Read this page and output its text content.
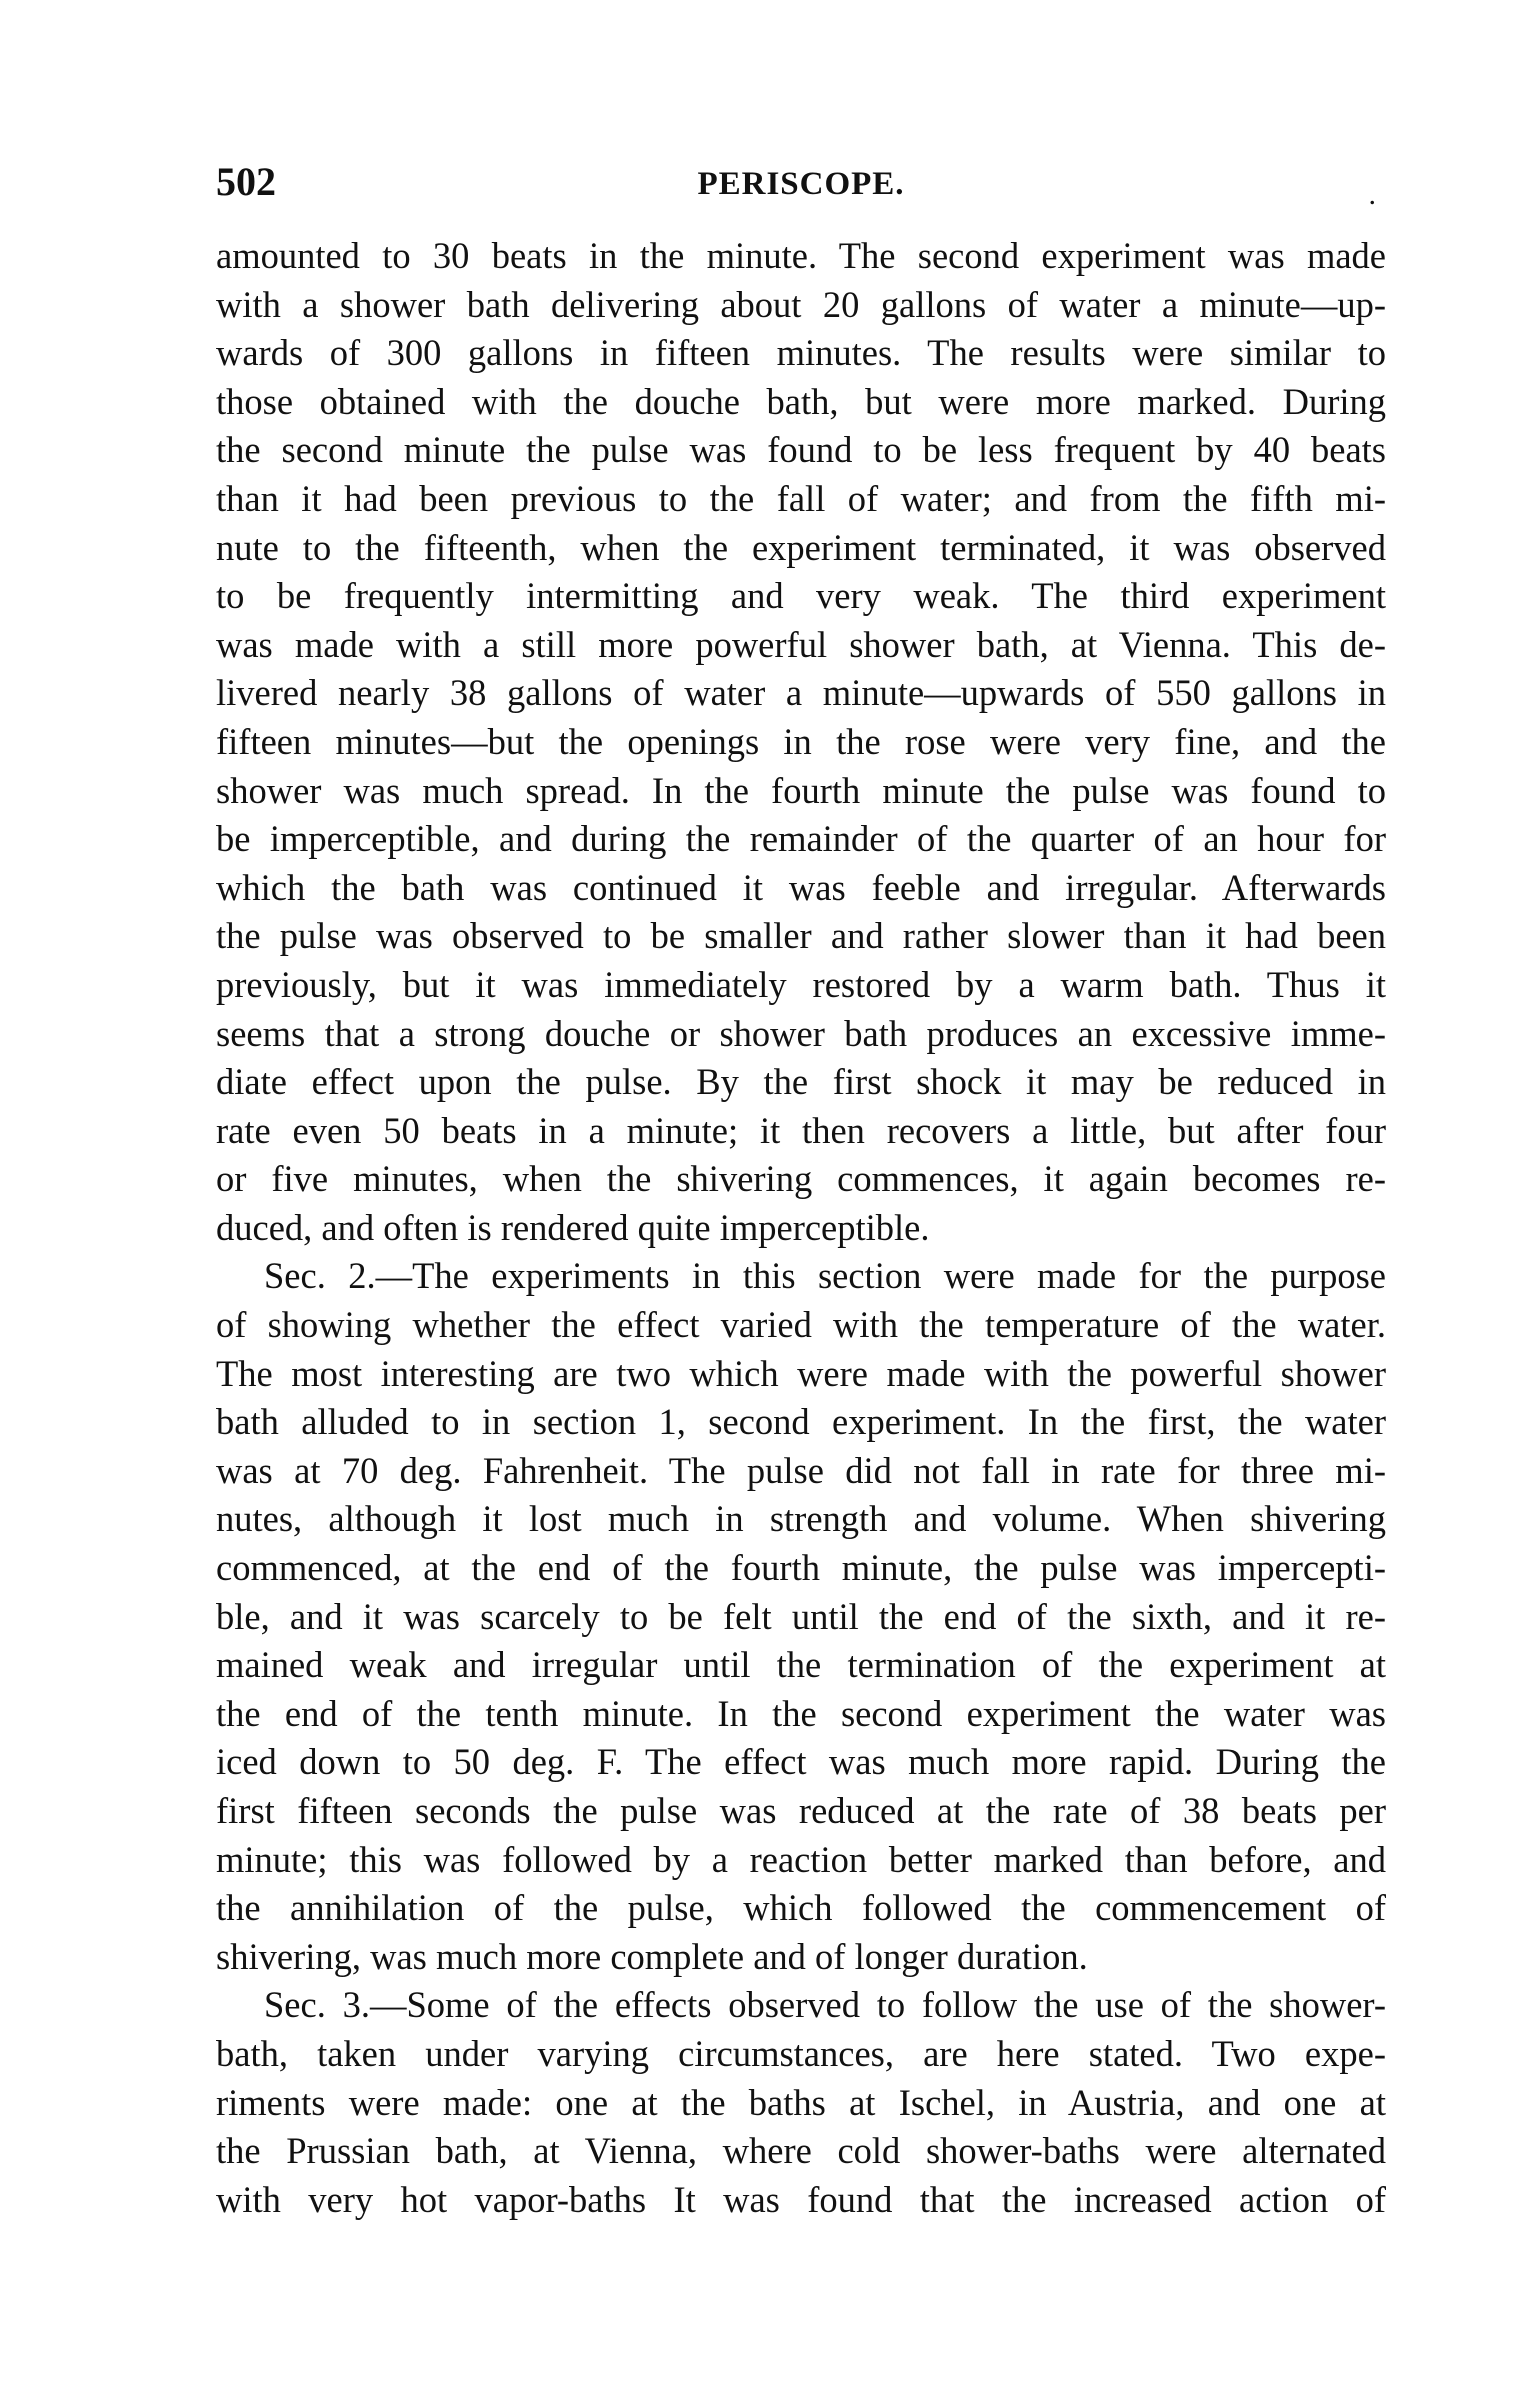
502	PERISCOPE.	.

amounted to 30 beats in the minute. The second experiment was made
with a shower bath delivering about 20 gallons of water a minute—up-
wards of 300 gallons in fifteen minutes. The results were similar to
those obtained with the douche bath, but were more marked. During
the second minute the pulse was found to be less frequent by 40 beats
than it had been previous to the fall of water; and from the fifth mi-
nute to the fifteenth, when the experiment terminated, it was observed
to be frequently intermitting and very weak. The third experiment
was made with a still more powerful shower bath, at Vienna. This de-
livered nearly 38 gallons of water a minute—upwards of 550 gallons in
fifteen minutes—but the openings in the rose were very fine, and the
shower was much spread. In the fourth minute the pulse was found to
be imperceptible, and during the remainder of the quarter of an hour for
which the bath was continued it was feeble and irregular. Afterwards
the pulse was observed to be smaller and rather slower than it had been
previously, but it was immediately restored by a warm bath. Thus it
seems that a strong douche or shower bath produces an excessive imme-
diate effect upon the pulse. By the first shock it may be reduced in
rate even 50 beats in a minute; it then recovers a little, but after four
or five minutes, when the shivering commences, it again becomes re-
duced, and often is rendered quite imperceptible.

Sec. 2.—The experiments in this section were made for the purpose
of showing whether the effect varied with the temperature of the water.
The most interesting are two which were made with the powerful shower
bath alluded to in section 1, second experiment. In the first, the water
was at 70 deg. Fahrenheit. The pulse did not fall in rate for three mi-
nutes, although it lost much in strength and volume. When shivering
commenced, at the end of the fourth minute, the pulse was impercepti-
ble, and it was scarcely to be felt until the end of the sixth, and it re-
mained weak and irregular until the termination of the experiment at
the end of the tenth minute. In the second experiment the water was
iced down to 50 deg. F. The effect was much more rapid. During the
first fifteen seconds the pulse was reduced at the rate of 38 beats per
minute; this was followed by a reaction better marked than before, and
the annihilation of the pulse, which followed the commencement of
shivering, was much more complete and of longer duration.

Sec. 3.—Some of the effects observed to follow the use of the shower-
bath, taken under varying circumstances, are here stated. Two expe-
riments were made: one at the baths at Ischel, in Austria, and one at
the Prussian bath, at Vienna, where cold shower-baths were alternated
with very hot vapor-baths It was found that the increased action of
